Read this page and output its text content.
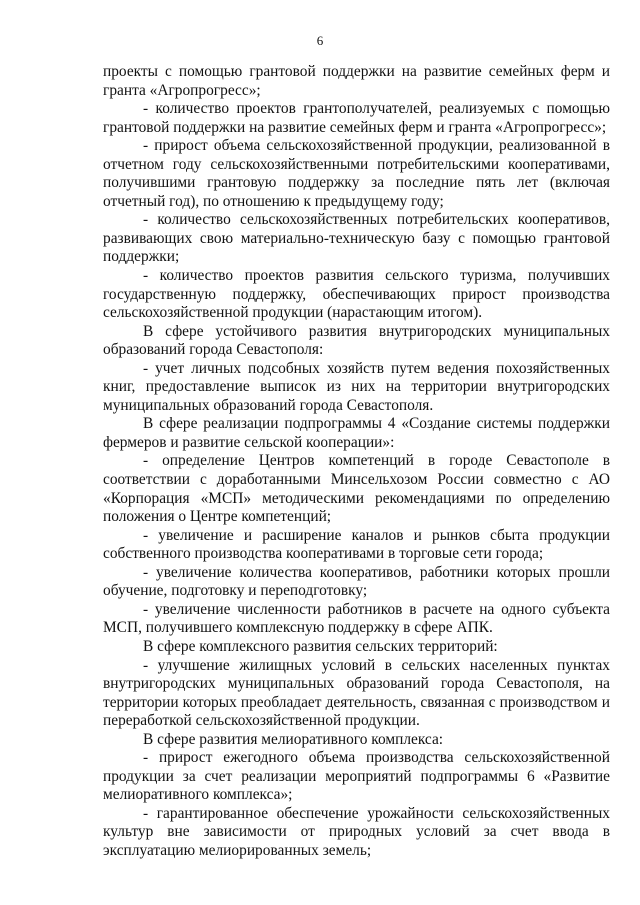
6

проекты с помощью грантовой поддержки на развитие семейных ферм и гранта «Агропрогресс»;

- количество проектов грантополучателей, реализуемых с помощью грантовой поддержки на развитие семейных ферм и гранта «Агропрогресс»;

- прирост объема сельскохозяйственной продукции, реализованной в отчетном году сельскохозяйственными потребительскими кооперативами, получившими грантовую поддержку за последние пять лет (включая отчетный год), по отношению к предыдущему году;

- количество сельскохозяйственных потребительских кооперативов, развивающих свою материально-техническую базу с помощью грантовой поддержки;

- количество проектов развития сельского туризма, получивших государственную поддержку, обеспечивающих прирост производства сельскохозяйственной продукции (нарастающим итогом).

В сфере устойчивого развития внутригородских муниципальных образований города Севастополя:

- учет личных подсобных хозяйств путем ведения похозяйственных книг, предоставление выписок из них на территории внутригородских муниципальных образований города Севастополя.

В сфере реализации подпрограммы 4 «Создание системы поддержки фермеров и развитие сельской кооперации»:

- определение Центров компетенций в городе Севастополе в соответствии с доработанными Минсельхозом России совместно с АО «Корпорация «МСП» методическими рекомендациями по определению положения о Центре компетенций;

- увеличение и расширение каналов и рынков сбыта продукции собственного производства кооперативами в торговые сети города;

- увеличение количества кооперативов, работники которых прошли обучение, подготовку и переподготовку;

- увеличение численности работников в расчете на одного субъекта МСП, получившего комплексную поддержку в сфере АПК.

В сфере комплексного развития сельских территорий:

- улучшение жилищных условий в сельских населенных пунктах внутригородских муниципальных образований города Севастополя, на территории которых преобладает деятельность, связанная с производством и переработкой сельскохозяйственной продукции.

В сфере развития мелиоративного комплекса:

- прирост ежегодного объема производства сельскохозяйственной продукции за счет реализации мероприятий подпрограммы 6 «Развитие мелиоративного комплекса»;

- гарантированное обеспечение урожайности сельскохозяйственных культур вне зависимости от природных условий за счет ввода в эксплуатацию мелиорированных земель;
